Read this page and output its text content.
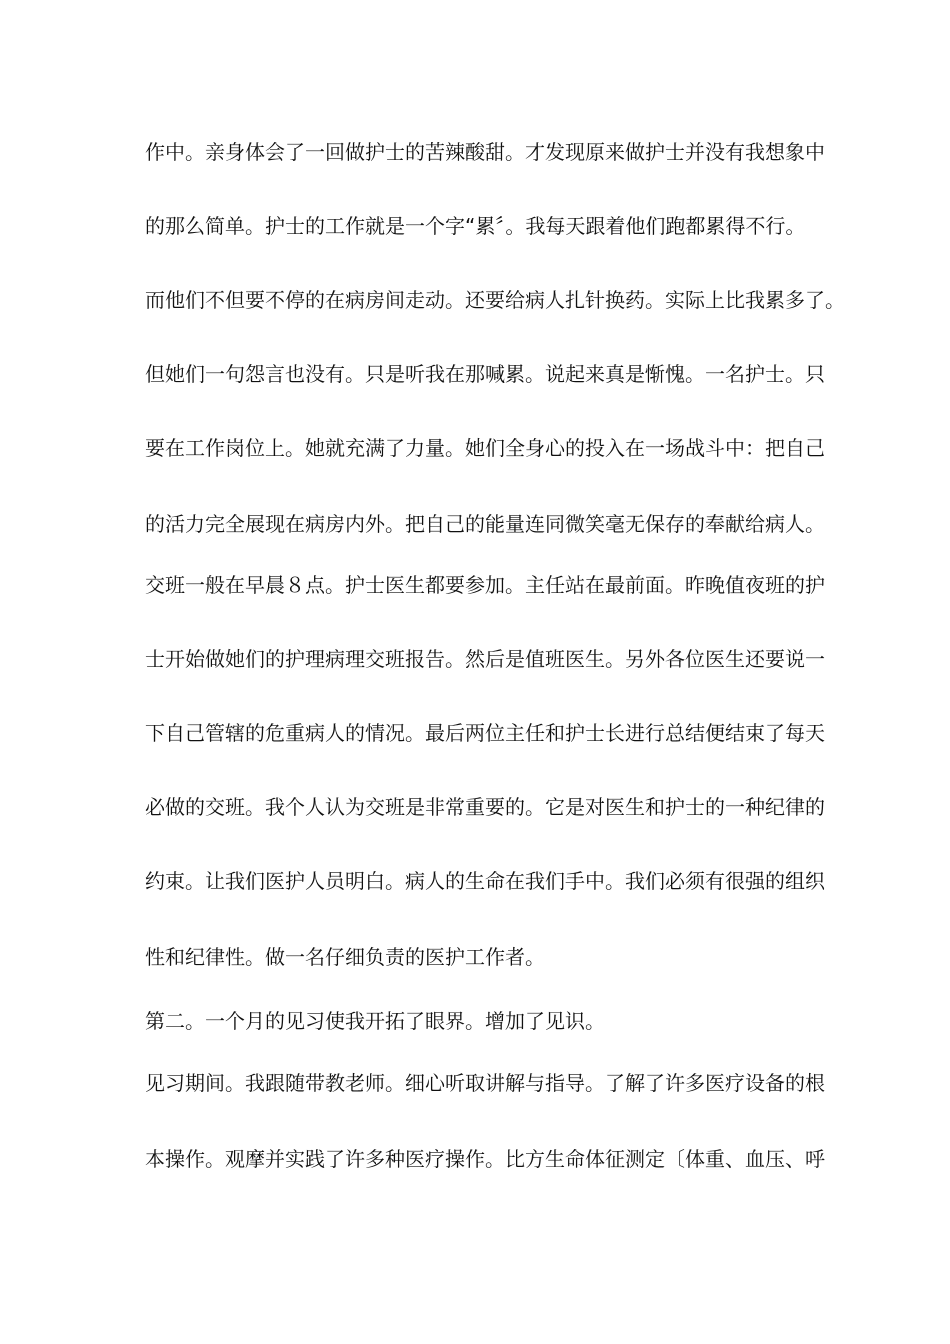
作中。亲身体会了一回做护士的苦辣酸甜。才发现原来做护士并没有我想象中
的那么简单。护士的工作就是一个字“累〞。我每天跟着他们跑都累得不行。
而他们不但要不停的在病房间走动。还要给病人扎针换药。实际上比我累多了。
但她们一句怨言也没有。只是听我在那喊累。说起来真是惭愧。一名护士。只
要在工作岗位上。她就充满了力量。她们全身心的投入在一场战斗中：把自己
的活力完全展现在病房内外。把自己的能量连同微笑毫无保存的奉献给病人。
交班一般在早晨８点。护士医生都要参加。主任站在最前面。昨晚值夜班的护
士开始做她们的护理病理交班报告。然后是值班医生。另外各位医生还要说一
下自己管辖的危重病人的情况。最后两位主任和护士长进行总结便结束了每天
必做的交班。我个人认为交班是非常重要的。它是对医生和护士的一种纪律的
约束。让我们医护人员明白。病人的生命在我们手中。我们必须有很强的组织
性和纪律性。做一名仔细负责的医护工作者。
第二。一个月的见习使我开拓了眼界。增加了见识。
见习期间。我跟随带教老师。细心听取讲解与指导。了解了许多医疗设备的根
本操作。观摩并实践了许多种医疗操作。比方生命体征测定〔体重、血压、呼
